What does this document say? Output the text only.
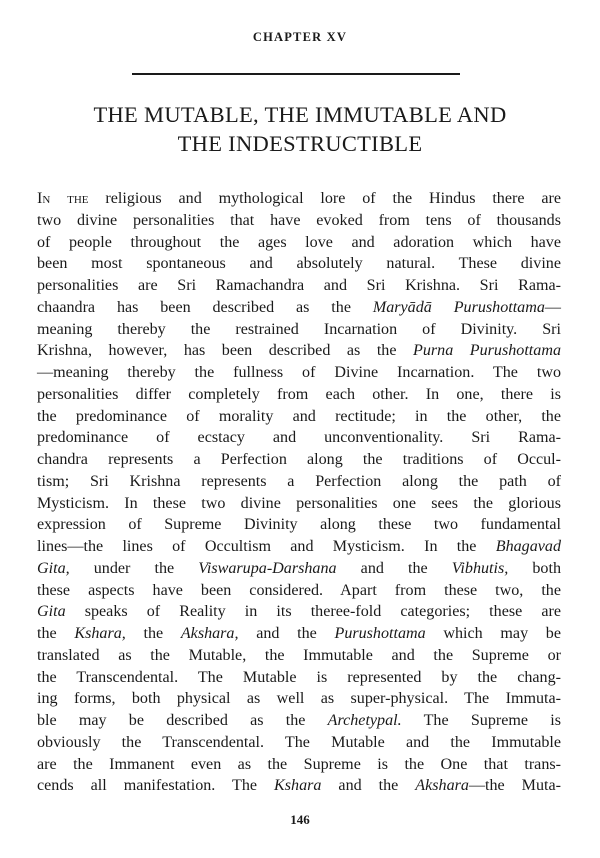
CHAPTER XV
THE MUTABLE, THE IMMUTABLE AND
THE INDESTRUCTIBLE
In the religious and mythological lore of the Hindus there are
two divine personalities that have evoked from tens of thousands
of people throughout the ages love and adoration which have
been most spontaneous and absolutely natural. These divine
personalities are Sri Ramachandra and Sri Krishna. Sri Rama-
chaandra has been described as the Maryādā Purushottama—
meaning thereby the restrained Incarnation of Divinity. Sri
Krishna, however, has been described as the Purna Purushottama
—meaning thereby the fullness of Divine Incarnation. The two
personalities differ completely from each other. In one, there is
the predominance of morality and rectitude; in the other, the
predominance of ecstacy and unconventionality. Sri Rama-
chandra represents a Perfection along the traditions of Occul-
tism; Sri Krishna represents a Perfection along the path of
Mysticism. In these two divine personalities one sees the glorious
expression of Supreme Divinity along these two fundamental
lines—the lines of Occultism and Mysticism. In the Bhagavad
Gita, under the Viswarupa-Darshana and the Vibhutis, both
these aspects have been considered. Apart from these two, the
Gita speaks of Reality in its theree-fold categories; these are
the Kshara, the Akshara, and the Purushottama which may be
translated as the Mutable, the Immutable and the Supreme or
the Transcendental. The Mutable is represented by the chang-
ing forms, both physical as well as super-physical. The Immuta-
ble may be described as the Archetypal. The Supreme is
obviously the Transcendental. The Mutable and the Immutable
are the Immanent even as the Supreme is the One that trans-
cends all manifestation. The Kshara and the Akshara—the Muta-
146
